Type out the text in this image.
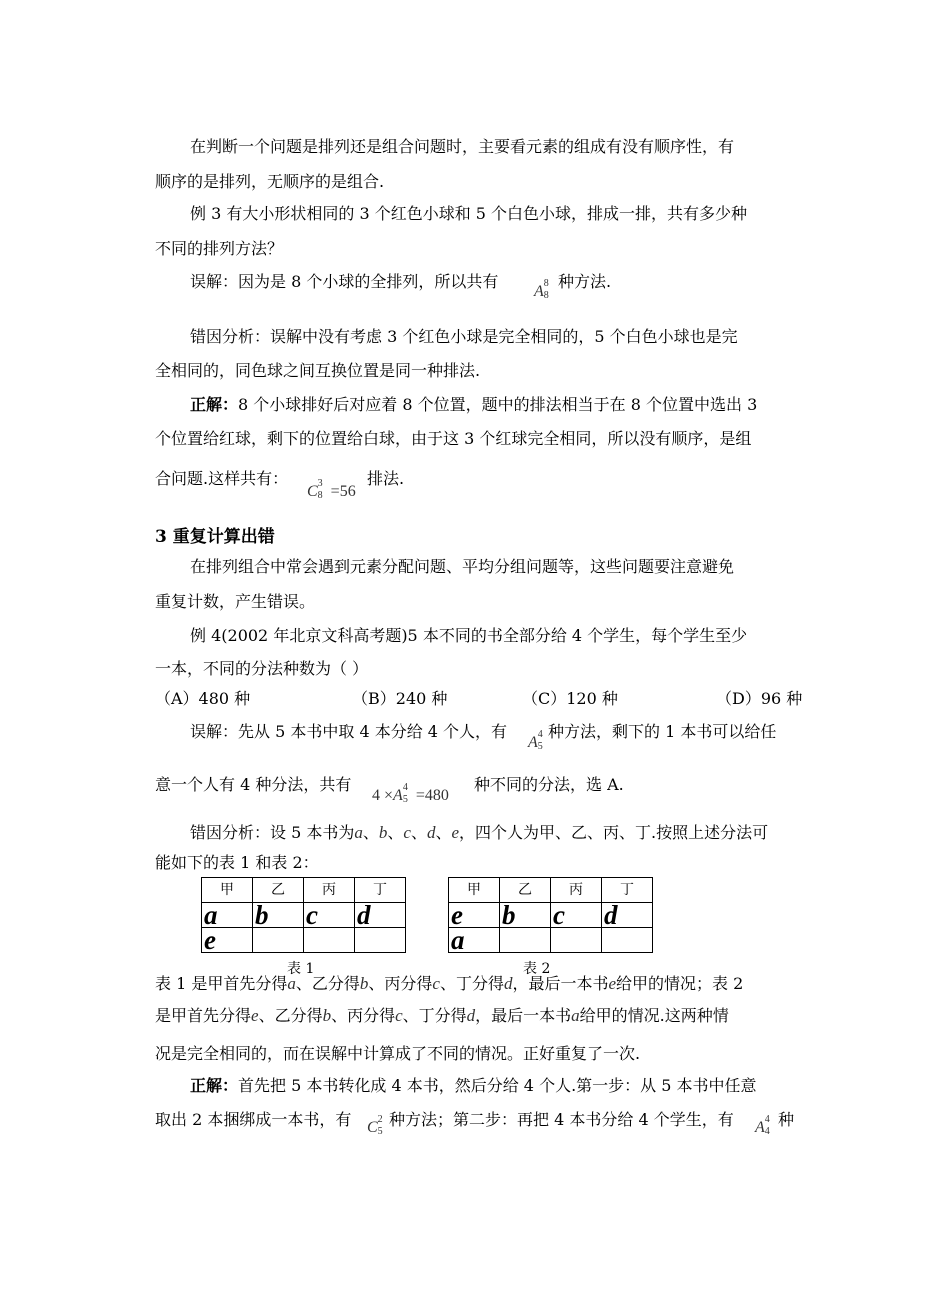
在判断一个问题是排列还是组合问题时，主要看元素的组成有没有顺序性，有
顺序的是排列，无顺序的是组合.
例 3 有大小形状相同的 3 个红色小球和 5 个白色小球，排成一排，共有多少种
不同的排列方法？
误解：因为是 8 个小球的全排列，所以共有
A 8
8
种方法.
错因分析：误解中没有考虑 3 个红色小球是完全相同的，5 个白色小球也是完
全相同的，同色球之间互换位置是同一种排法.
正解：8 个小球排好后对应着 8 个位置，题中的排法相当于在 8 个位置中选出 3
个位置给红球，剩下的位置给白球，由于这 3 个红球完全相同，所以没有顺序，是组
合问题.这样共有：
C 3
8 =56
排法.
3 重复计算出错
在排列组合中常会遇到元素分配问题、平均分组问题等，这些问题要注意避免
重复计数，产生错误。
例 4(2002 年北京文科高考题)5 本不同的书全部分给 4 个学生，每个学生至少
一本，不同的分法种数为（ ）
（A）480 种	（B）240 种	（C）120 种	（D）96 种
误解：先从 5 本书中取 4 本分给 4 个人，有
A 4
5
种方法，剩下的 1 本书可以给任
意一个人有 4 种分法，共有
4 ×A 4
5 =480
种不同的分法，选 A.
错因分析：设 5 本书为a、b、c、d、e，四个人为甲、乙、丙、丁.按照上述分法可
能如下的表 1 和表 2：
甲	乙	丙	丁
a	b	c	d
e			
表 1
甲	乙	丙	丁
e	b	c	d
a			
表 2
表 1 是甲首先分得a、乙分得b、丙分得c、丁分得d，最后一本书e给甲的情况；表 2
是甲首先分得e、乙分得b、丙分得c、丁分得d，最后一本书a给甲的情况.这两种情
况是完全相同的，而在误解中计算成了不同的情况。正好重复了一次.
正解：首先把 5 本书转化成 4 本书，然后分给 4 个人.第一步：从 5 本书中任意
取出 2 本捆绑成一本书，有 C 2
5
种方法；第二步：再把 4 本书分给 4 个学生，有 A 4
4
种
